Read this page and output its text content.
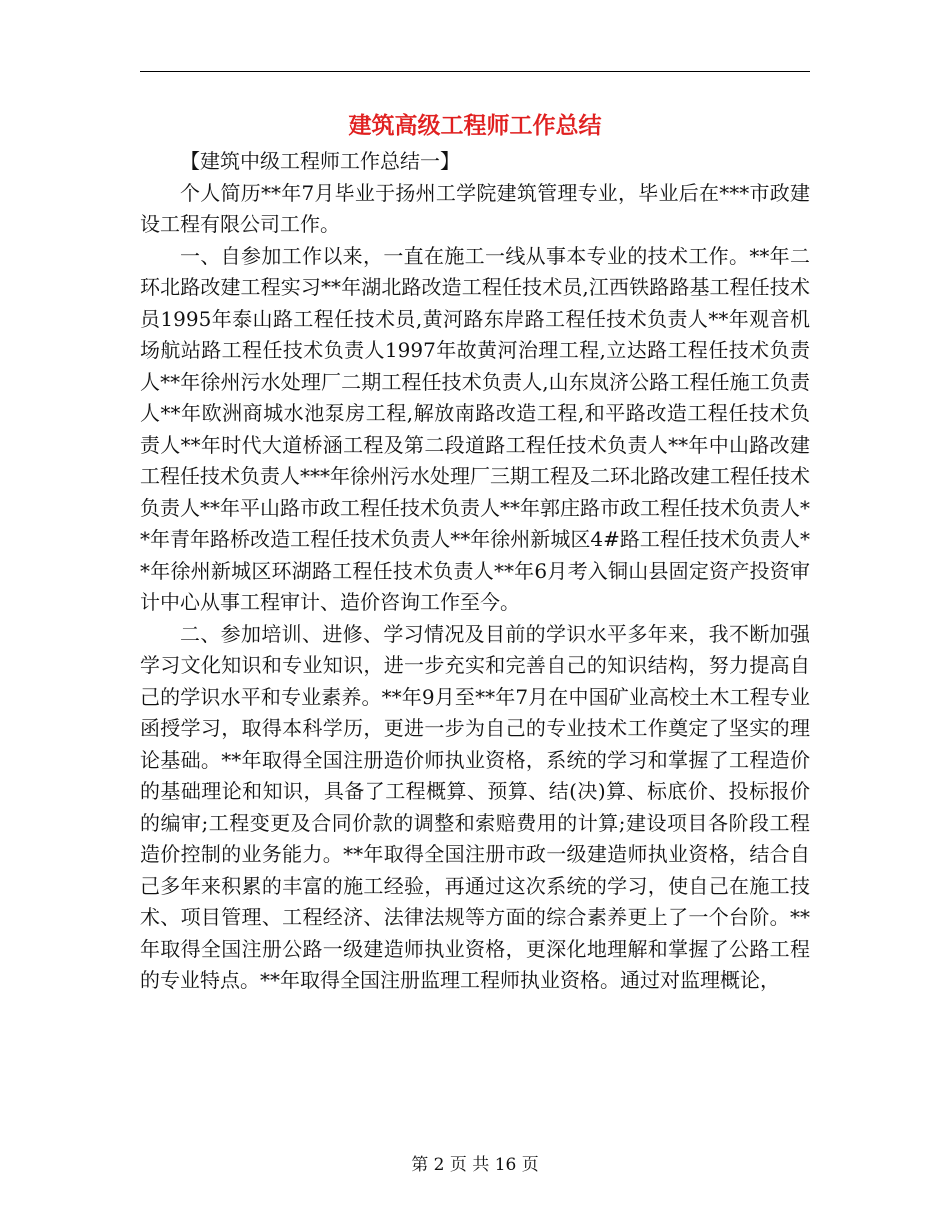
建筑高级工程师工作总结

【建筑中级工程师工作总结一】

个人简历**年7月毕业于扬州工学院建筑管理专业，毕业后在***市政建设工程有限公司工作。

一、自参加工作以来，一直在施工一线从事本专业的技术工作。**年二环北路改建工程实习**年湖北路改造工程任技术员,江西铁路路基工程任技术员1995年泰山路工程任技术员,黄河路东岸路工程任技术负责人**年观音机场航站路工程任技术负责人1997年故黄河治理工程,立达路工程任技术负责人**年徐州污水处理厂二期工程任技术负责人,山东岚济公路工程任施工负责人**年欧洲商城水池泵房工程,解放南路改造工程,和平路改造工程任技术负责人**年时代大道桥涵工程及第二段道路工程任技术负责人**年中山路改建工程任技术负责人***年徐州污水处理厂三期工程及二环北路改建工程任技术负责人**年平山路市政工程任技术负责人**年郭庄路市政工程任技术负责人**年青年路桥改造工程任技术负责人**年徐州新城区4#路工程任技术负责人**年徐州新城区环湖路工程任技术负责人**年6月考入铜山县固定资产投资审计中心从事工程审计、造价咨询工作至今。

二、参加培训、进修、学习情况及目前的学识水平多年来，我不断加强学习文化知识和专业知识，进一步充实和完善自己的知识结构，努力提高自己的学识水平和专业素养。**年9月至**年7月在中国矿业高校土木工程专业函授学习，取得本科学历，更进一步为自己的专业技术工作奠定了坚实的理论基础。**年取得全国注册造价师执业资格，系统的学习和掌握了工程造价的基础理论和知识，具备了工程概算、预算、结(决)算、标底价、投标报价的编审;工程变更及合同价款的调整和索赔费用的计算;建设项目各阶段工程造价控制的业务能力。**年取得全国注册市政一级建造师执业资格，结合自己多年来积累的丰富的施工经验，再通过这次系统的学习，使自己在施工技术、项目管理、工程经济、法律法规等方面的综合素养更上了一个台阶。**年取得全国注册公路一级建造师执业资格，更深化地理解和掌握了公路工程的专业特点。**年取得全国注册监理工程师执业资格。通过对监理概论，

第 2 页 共 16 页
